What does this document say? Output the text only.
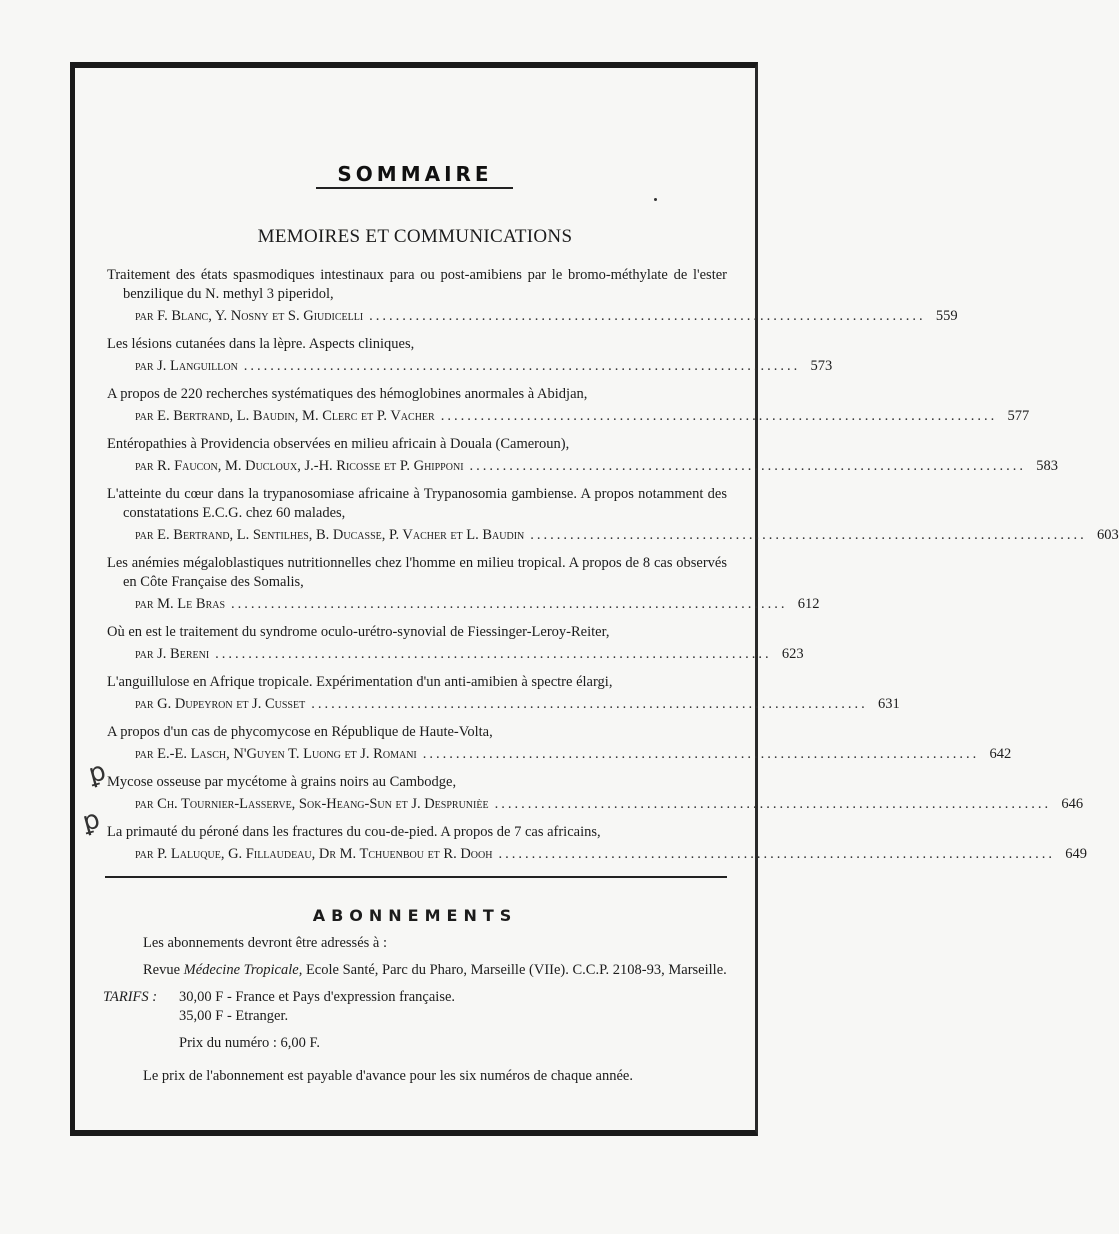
SOMMAIRE
MEMOIRES ET COMMUNICATIONS
Traitement des états spasmodiques intestinaux para ou post-amibiens par le bromo-méthylate de l'ester benzilique du N. methyl 3 piperidol,
par F. Blanc, Y. Nosny et S. Giudicelli .................................................................................... 559
Les lésions cutanées dans la lèpre. Aspects cliniques,
par J. Languillon .................................................................................... 573
A propos de 220 recherches systématiques des hémoglobines anormales à Abidjan,
par E. Bertrand, L. Baudin, M. Clerc et P. Vacher .................................................................................... 577
Entéropathies à Providencia observées en milieu africain à Douala (Cameroun),
par R. Faucon, M. Ducloux, J.-H. Ricosse et P. Ghipponi .................................................................................... 583
L'atteinte du cœur dans la trypanosomiase africaine à Trypanosomia gambiense. A propos notamment des constatations E.C.G. chez 60 malades,
par E. Bertrand, L. Sentilhes, B. Ducasse, P. Vacher et L. Baudin .................................................................................... 603
Les anémies mégaloblastiques nutritionnelles chez l'homme en milieu tropical. A propos de 8 cas observés en Côte Française des Somalis,
par M. Le Bras .................................................................................... 612
Où en est le traitement du syndrome oculo-urétro-synovial de Fiessinger-Leroy-Reiter,
par J. Bereni .................................................................................... 623
L'anguillulose en Afrique tropicale. Expérimentation d'un anti-amibien à spectre élargi,
par G. Dupeyron et J. Cusset .................................................................................... 631
A propos d'un cas de phycomycose en République de Haute-Volta,
par E.-E. Lasch, N'Guyen T. Luong et J. Romani .................................................................................... 642
Mycose osseuse par mycétome à grains noirs au Cambodge,
par Ch. Tournier-Lasserve, Sok-Heang-Sun et J. Desprunièe .................................................................................... 646
La primauté du péroné dans les fractures du cou-de-pied. A propos de 7 cas africains,
par P. Laluque, G. Fillaudeau, Dr M. Tchuenbou et R. Dooh .................................................................................... 649
ꝑ
ꝑ
ABONNEMENTS

Les abonnements devront être adressés à :

Revue Médecine Tropicale, Ecole Santé, Parc du Pharo, Marseille (VIIe). C.C.P. 2108-93, Marseille.

TARIFS :	30,00 F - France et Pays d'expression française.

35,00 F - Etranger.

Prix du numéro : 6,00 F.

Le prix de l'abonnement est payable d'avance pour les six numéros de chaque année.
